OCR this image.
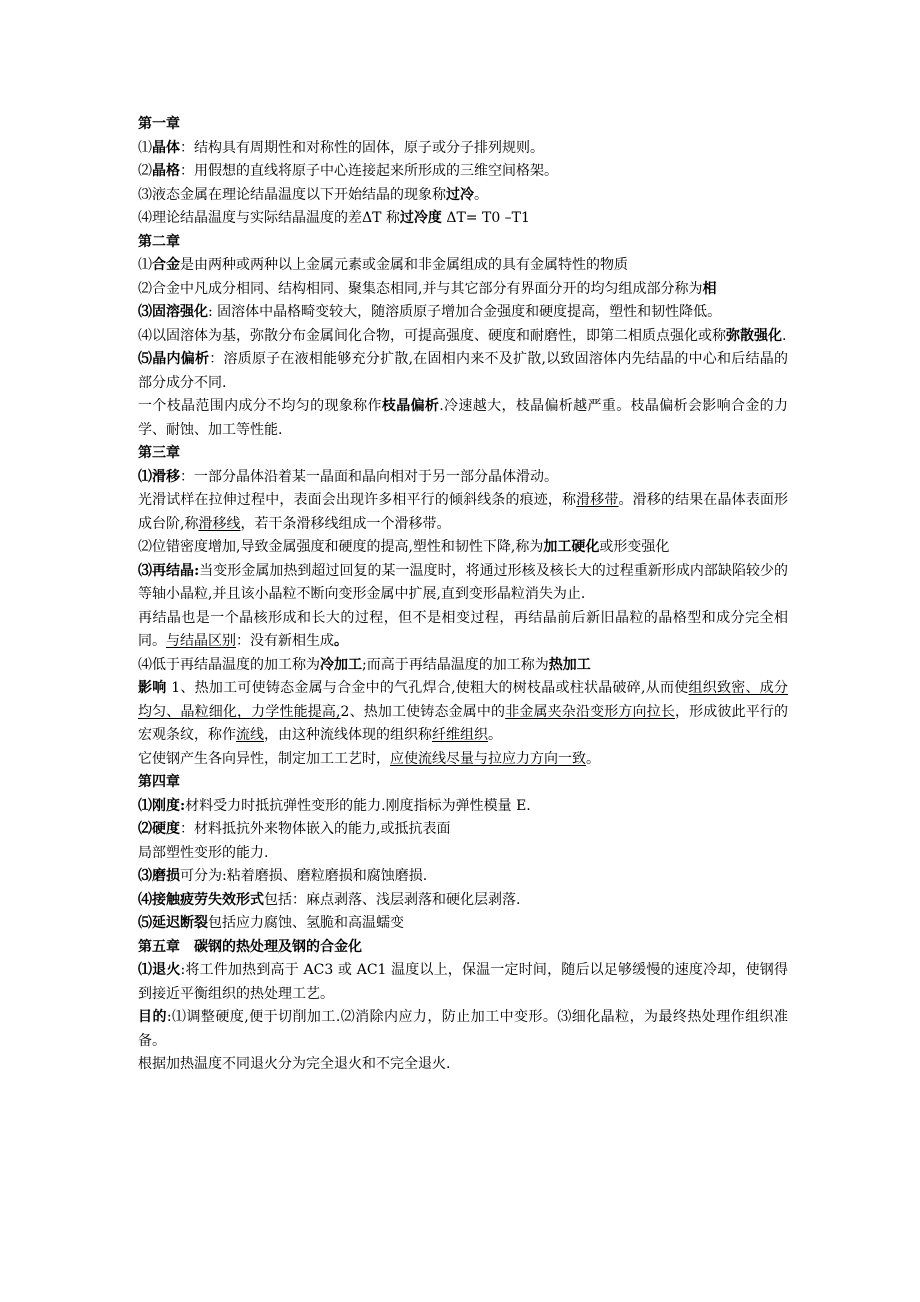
第一章

⑴晶体：结构具有周期性和对称性的固体，原子或分子排列规则。

⑵晶格：用假想的直线将原子中心连接起来所形成的三维空间格架。

⑶液态金属在理论结晶温度以下开始结晶的现象称过冷。

⑷理论结晶温度与实际结晶温度的差ΔT 称过冷度 ΔT= T0 –T1

第二章

⑴合金是由两种或两种以上金属元素或金属和非金属组成的具有金属特性的物质

⑵合金中凡成分相同、结构相同、聚集态相同,并与其它部分有界面分开的均匀组成部分称为相

⑶固溶强化: 固溶体中晶格畸变较大，随溶质原子增加合金强度和硬度提高，塑性和韧性降低。

⑷以固溶体为基，弥散分布金属间化合物，可提高强度、硬度和耐磨性，即第二相质点强化或称弥散强化.

⑸晶内偏析：溶质原子在液相能够充分扩散,在固相内来不及扩散,以致固溶体内先结晶的中心和后结晶的部分成分不同.

一个枝晶范围内成分不均匀的现象称作枝晶偏析.冷速越大，枝晶偏析越严重。枝晶偏析会影响合金的力学、耐蚀、加工等性能.

第三章

⑴滑移：一部分晶体沿着某一晶面和晶向相对于另一部分晶体滑动。

光滑试样在拉伸过程中，表面会出现许多相平行的倾斜线条的痕迹，称滑移带。滑移的结果在晶体表面形成台阶,称滑移线，若干条滑移线组成一个滑移带。

⑵位错密度增加,导致金属强度和硬度的提高,塑性和韧性下降,称为加工硬化或形变强化

⑶再结晶:当变形金属加热到超过回复的某一温度时，将通过形核及核长大的过程重新形成内部缺陷较少的等轴小晶粒,并且该小晶粒不断向变形金属中扩展,直到变形晶粒消失为止.

再结晶也是一个晶核形成和长大的过程，但不是相变过程，再结晶前后新旧晶粒的晶格型和成分完全相同。与结晶区别：没有新相生成。

⑷低于再结晶温度的加工称为冷加工;而高于再结晶温度的加工称为热加工

影响 1、热加工可使铸态金属与合金中的气孔焊合,使粗大的树枝晶或柱状晶破碎,从而使组织致密、成分均匀、晶粒细化，力学性能提高,2、热加工使铸态金属中的非金属夹杂沿变形方向拉长，形成彼此平行的宏观条纹，称作流线，由这种流线体现的组织称纤维组织。

它使钢产生各向异性，制定加工工艺时，应使流线尽量与拉应力方向一致。

第四章

⑴刚度:材料受力时抵抗弹性变形的能力.刚度指标为弹性模量 E.

⑵硬度：材料抵抗外来物体嵌入的能力,或抵抗表面

局部塑性变形的能力.

⑶磨损可分为:粘着磨损、磨粒磨损和腐蚀磨损.

⑷接触疲劳失效形式包括：麻点剥落、浅层剥落和硬化层剥落.

⑸延迟断裂包括应力腐蚀、氢脆和高温蠕变

第五章　碳钢的热处理及钢的合金化

⑴退火:将工件加热到高于 AC3 或 AC1 温度以上，保温一定时间，随后以足够缓慢的速度冷却，使钢得到接近平衡组织的热处理工艺。

目的:⑴调整硬度,便于切削加工.⑵消除内应力，防止加工中变形。⑶细化晶粒，为最终热处理作组织准备。

根据加热温度不同退火分为完全退火和不完全退火.
